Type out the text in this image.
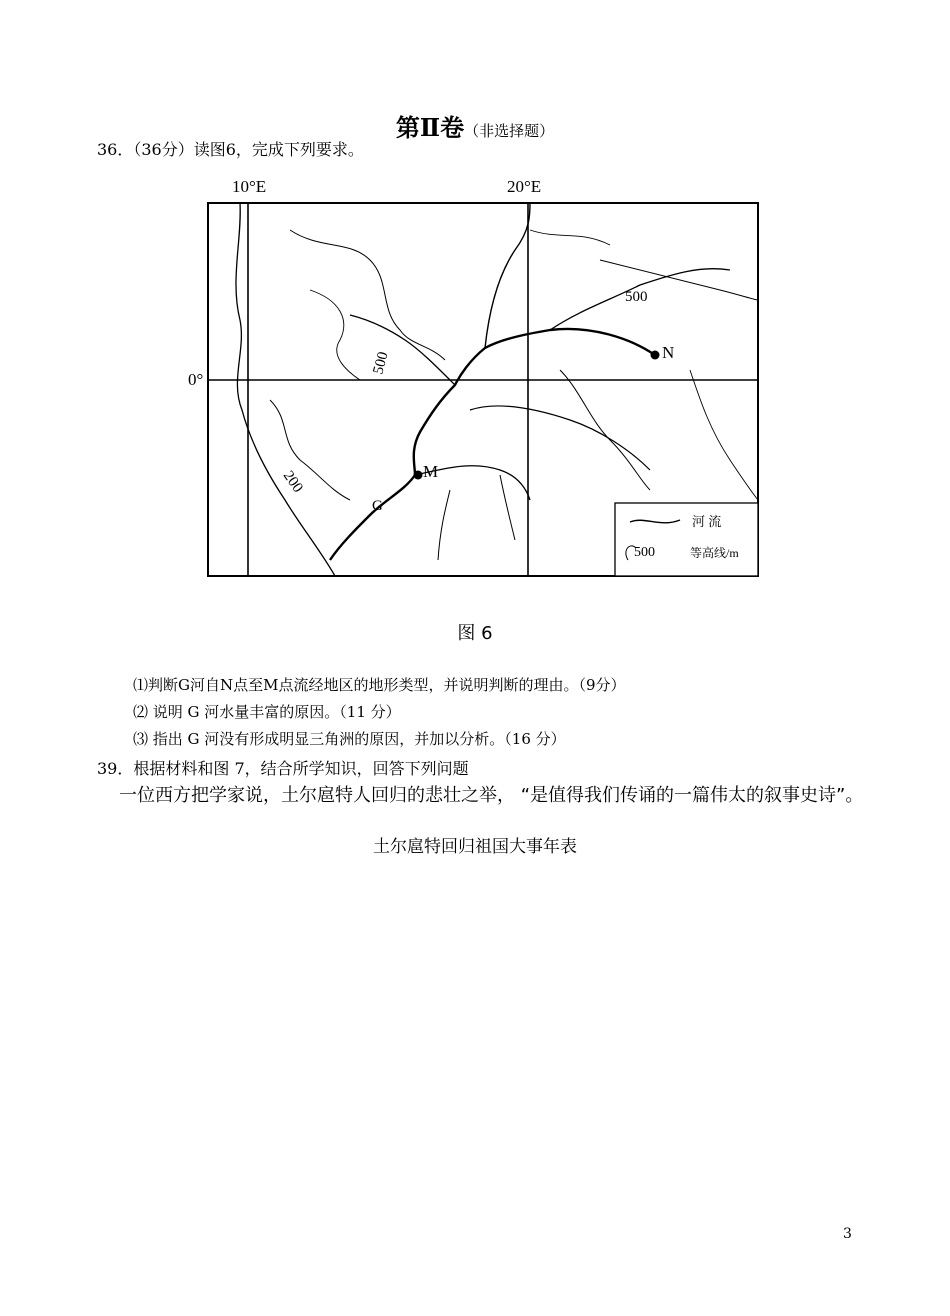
第Ⅱ卷（非选择题）
36．（36分）读图6，完成下列要求。
10°E	20°E
0°
500
500
200
N
M
G
河 流
500	等高线/m
图 6
⑴判断G河自N点至M点流经地区的地形类型，并说明判断的理由。（9分）
⑵ 说明 G 河水量丰富的原因。（11 分）
⑶ 指出 G 河没有形成明显三角洲的原因，并加以分析。（16 分）
39．根据材料和图 7，结合所学知识，回答下列问题
一位西方把学家说，土尔扈特人回归的悲壮之举， “是值得我们传诵的一篇伟太的叙事史诗”。
土尔扈特回归祖国大事年表
3
